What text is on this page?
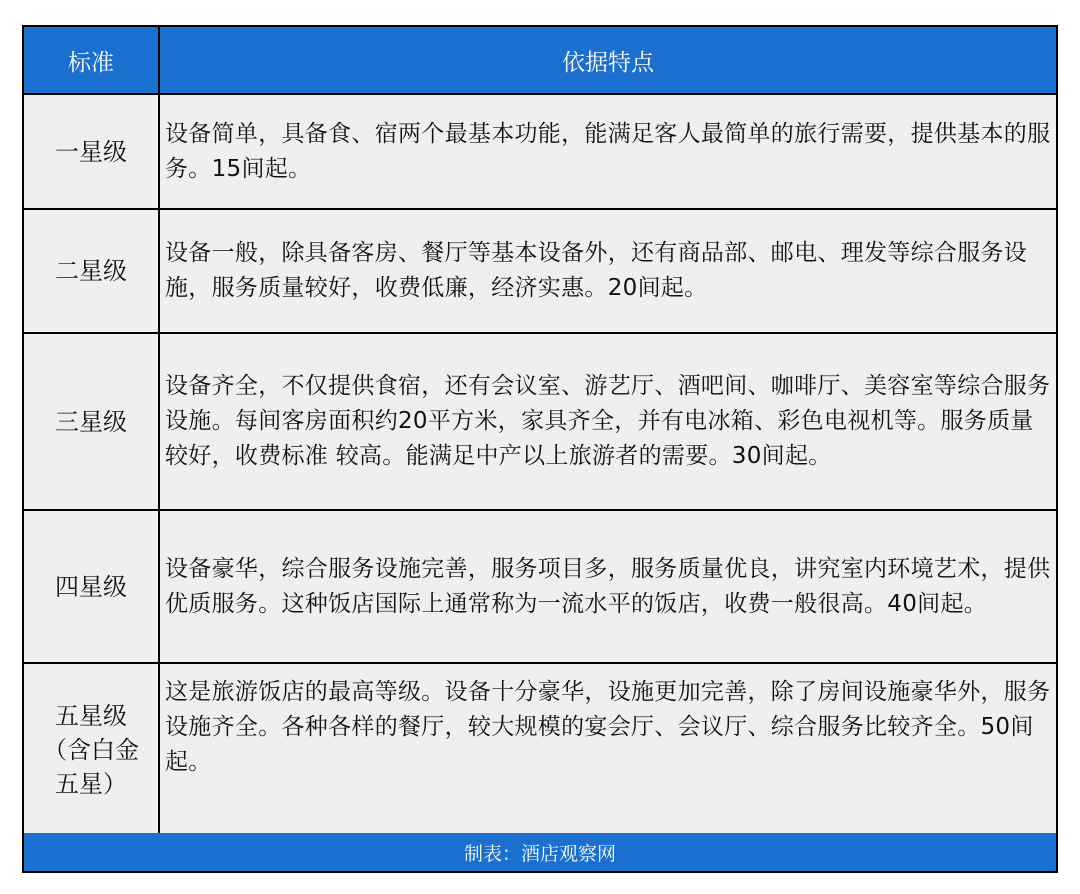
标准	依据特点
一星级
设备简单，具备食、宿两个最基本功能，能满足客人最简单的旅行需要，提供基本的服务。15间起。
二星级
设备一般，除具备客房、餐厅等基本设备外，还有商品部、邮电、理发等综合服务设施，服务质量较好，收费低廉，经济实惠。20间起。
三星级
设备齐全，不仅提供食宿，还有会议室、游艺厅、酒吧间、咖啡厅、美容室等综合服务 设施。每间客房面积约20平方米，家具齐全，并有电冰箱、彩色电视机等。服务质量较好，收费标准 较高。能满足中产以上旅游者的需要。30间起。
四星级
设备豪华，综合服务设施完善，服务项目多，服务质量优良，讲究室内环境艺术，提供优质服务。这种饭店国际上通常称为一流水平的饭店，收费一般很高。40间起。
五星级（含白金五星）
这是旅游饭店的最高等级。设备十分豪华，设施更加完善，除了房间设施豪华外，服务设施齐全。各种各样的餐厅，较大规模的宴会厅、会议厅、综合服务比较齐全。50间起。
制表：酒店观察网
